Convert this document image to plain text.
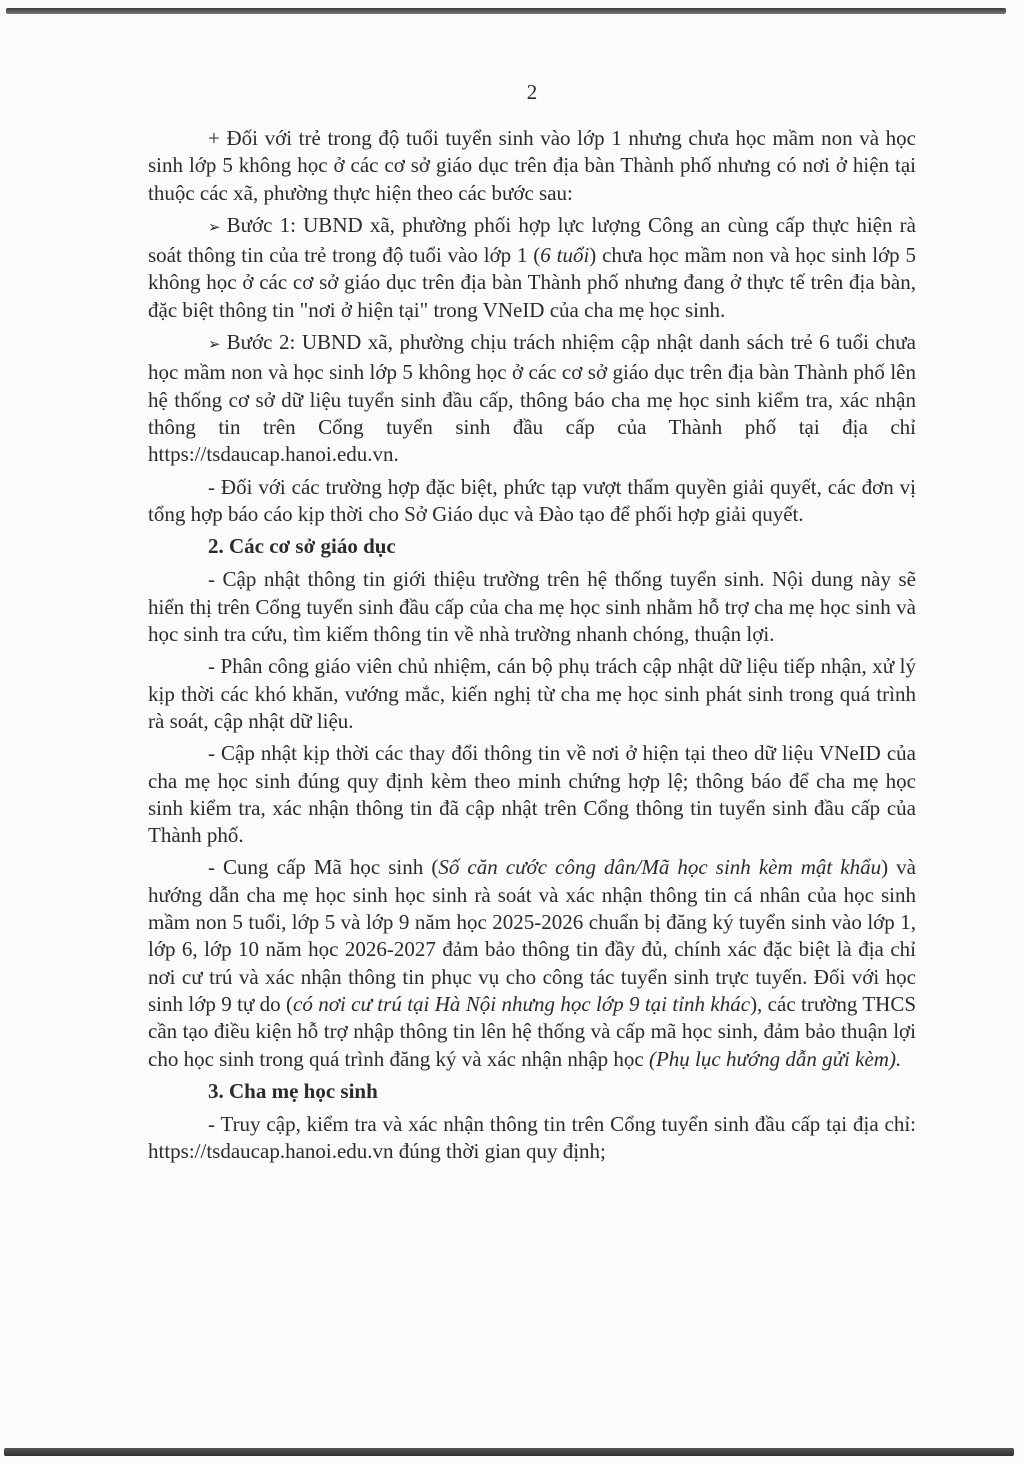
2

+ Đối với trẻ trong độ tuổi tuyển sinh vào lớp 1 nhưng chưa học mầm non và học sinh lớp 5 không học ở các cơ sở giáo dục trên địa bàn Thành phố nhưng có nơi ở hiện tại thuộc các xã, phường thực hiện theo các bước sau:

➢ Bước 1: UBND xã, phường phối hợp lực lượng Công an cùng cấp thực hiện rà soát thông tin của trẻ trong độ tuổi vào lớp 1 (6 tuổi) chưa học mầm non và học sinh lớp 5 không học ở các cơ sở giáo dục trên địa bàn Thành phố nhưng đang ở thực tế trên địa bàn, đặc biệt thông tin "nơi ở hiện tại" trong VNeID của cha mẹ học sinh.

➢ Bước 2: UBND xã, phường chịu trách nhiệm cập nhật danh sách trẻ 6 tuổi chưa học mầm non và học sinh lớp 5 không học ở các cơ sở giáo dục trên địa bàn Thành phố lên hệ thống cơ sở dữ liệu tuyển sinh đầu cấp, thông báo cha mẹ học sinh kiểm tra, xác nhận thông tin trên Cổng tuyển sinh đầu cấp của Thành phố tại địa chỉ https://tsdaucap.hanoi.edu.vn.

- Đối với các trường hợp đặc biệt, phức tạp vượt thẩm quyền giải quyết, các đơn vị tổng hợp báo cáo kịp thời cho Sở Giáo dục và Đào tạo để phối hợp giải quyết.

2. Các cơ sở giáo dục

- Cập nhật thông tin giới thiệu trường trên hệ thống tuyển sinh. Nội dung này sẽ hiển thị trên Cổng tuyển sinh đầu cấp của cha mẹ học sinh nhằm hỗ trợ cha mẹ học sinh và học sinh tra cứu, tìm kiếm thông tin về nhà trường nhanh chóng, thuận lợi.

- Phân công giáo viên chủ nhiệm, cán bộ phụ trách cập nhật dữ liệu tiếp nhận, xử lý kịp thời các khó khăn, vướng mắc, kiến nghị từ cha mẹ học sinh phát sinh trong quá trình rà soát, cập nhật dữ liệu.

- Cập nhật kịp thời các thay đổi thông tin về nơi ở hiện tại theo dữ liệu VNeID của cha mẹ học sinh đúng quy định kèm theo minh chứng hợp lệ; thông báo để cha mẹ học sinh kiểm tra, xác nhận thông tin đã cập nhật trên Cổng thông tin tuyển sinh đầu cấp của Thành phố.

- Cung cấp Mã học sinh (Số căn cước công dân/Mã học sinh kèm mật khẩu) và hướng dẫn cha mẹ học sinh học sinh rà soát và xác nhận thông tin cá nhân của học sinh mầm non 5 tuổi, lớp 5 và lớp 9 năm học 2025-2026 chuẩn bị đăng ký tuyển sinh vào lớp 1, lớp 6, lớp 10 năm học 2026-2027 đảm bảo thông tin đầy đủ, chính xác đặc biệt là địa chỉ nơi cư trú và xác nhận thông tin phục vụ cho công tác tuyển sinh trực tuyến. Đối với học sinh lớp 9 tự do (có nơi cư trú tại Hà Nội nhưng học lớp 9 tại tỉnh khác), các trường THCS cần tạo điều kiện hỗ trợ nhập thông tin lên hệ thống và cấp mã học sinh, đảm bảo thuận lợi cho học sinh trong quá trình đăng ký và xác nhận nhập học (Phụ lục hướng dẫn gửi kèm).

3. Cha mẹ học sinh

- Truy cập, kiểm tra và xác nhận thông tin trên Cổng tuyển sinh đầu cấp tại địa chỉ: https://tsdaucap.hanoi.edu.vn đúng thời gian quy định;
